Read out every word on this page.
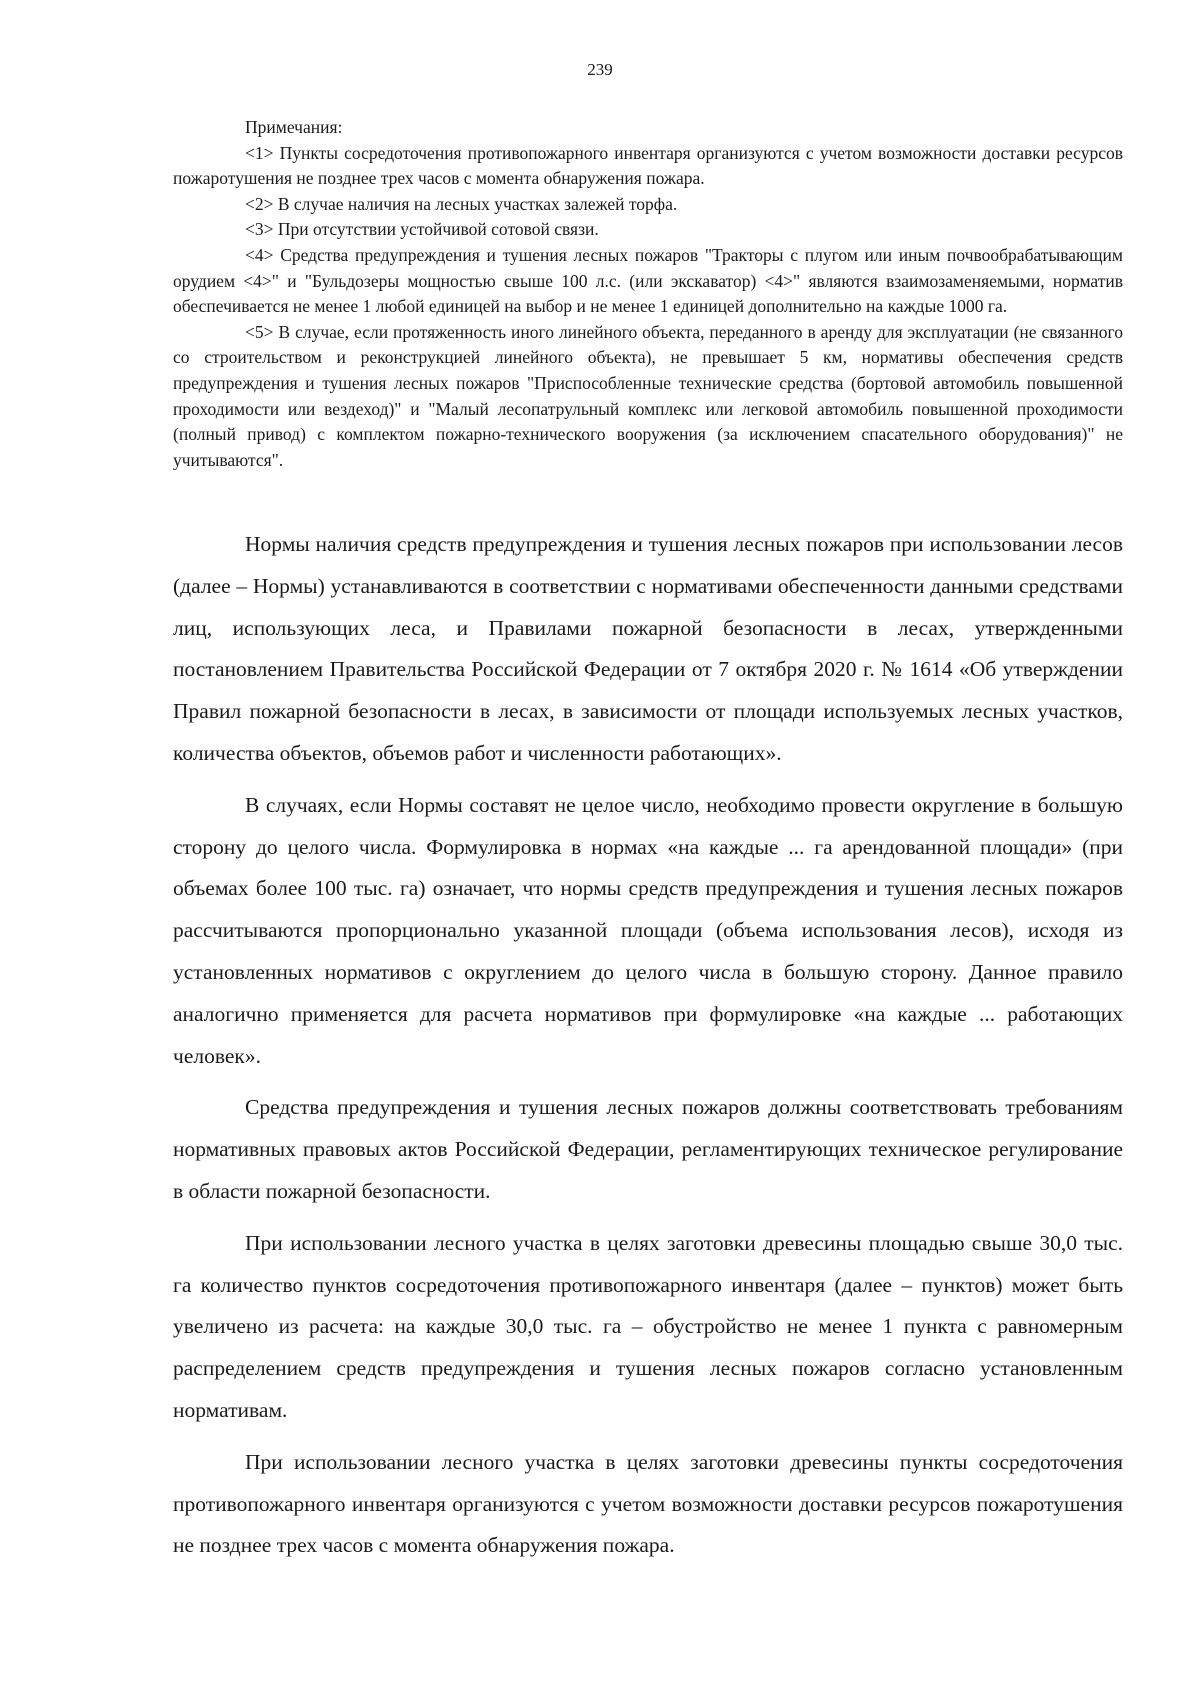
239

Примечания:

<1> Пункты сосредоточения противопожарного инвентаря организуются с учетом возможности доставки ресурсов пожаротушения не позднее трех часов с момента обнаружения пожара.

<2> В случае наличия на лесных участках залежей торфа.

<3> При отсутствии устойчивой сотовой связи.

<4> Средства предупреждения и тушения лесных пожаров "Тракторы с плугом или иным почвообрабатывающим орудием <4>" и "Бульдозеры мощностью свыше 100 л.с. (или экскаватор) <4>" являются взаимозаменяемыми, норматив обеспечивается не менее 1 любой единицей на выбор и не менее 1 единицей дополнительно на каждые 1000 га.

<5> В случае, если протяженность иного линейного объекта, переданного в аренду для эксплуатации (не связанного со строительством и реконструкцией линейного объекта), не превышает 5 км, нормативы обеспечения средств предупреждения и тушения лесных пожаров "Приспособленные технические средства (бортовой автомобиль повышенной проходимости или вездеход)" и "Малый лесопатрульный комплекс или легковой автомобиль повышенной проходимости (полный привод) с комплектом пожарно-технического вооружения (за исключением спасательного оборудования)" не учитываются".

Нормы наличия средств предупреждения и тушения лесных пожаров при использовании лесов (далее – Нормы) устанавливаются в соответствии с нормативами обеспеченности данными средствами лиц, использующих леса, и Правилами пожарной безопасности в лесах, утвержденными постановлением Правительства Российской Федерации от 7 октября 2020 г. № 1614 «Об утверждении Правил пожарной безопасности в лесах, в зависимости от площади используемых лесных участков, количества объектов, объемов работ и численности работающих».

В случаях, если Нормы составят не целое число, необходимо провести округление в большую сторону до целого числа. Формулировка в нормах «на каждые ... га арендованной площади» (при объемах более 100 тыс. га) означает, что нормы средств предупреждения и тушения лесных пожаров рассчитываются пропорционально указанной площади (объема использования лесов), исходя из установленных нормативов с округлением до целого числа в большую сторону. Данное правило аналогично применяется для расчета нормативов при формулировке «на каждые ... работающих человек».

Средства предупреждения и тушения лесных пожаров должны соответствовать требованиям нормативных правовых актов Российской Федерации, регламентирующих техническое регулирование в области пожарной безопасности.

При использовании лесного участка в целях заготовки древесины площадью свыше 30,0 тыс. га количество пунктов сосредоточения противопожарного инвентаря (далее – пунктов) может быть увеличено из расчета: на каждые 30,0 тыс. га – обустройство не менее 1 пункта с равномерным распределением средств предупреждения и тушения лесных пожаров согласно установленным нормативам.

При использовании лесного участка в целях заготовки древесины пункты сосредоточения противопожарного инвентаря организуются с учетом возможности доставки ресурсов пожаротушения не позднее трех часов с момента обнаружения пожара.
